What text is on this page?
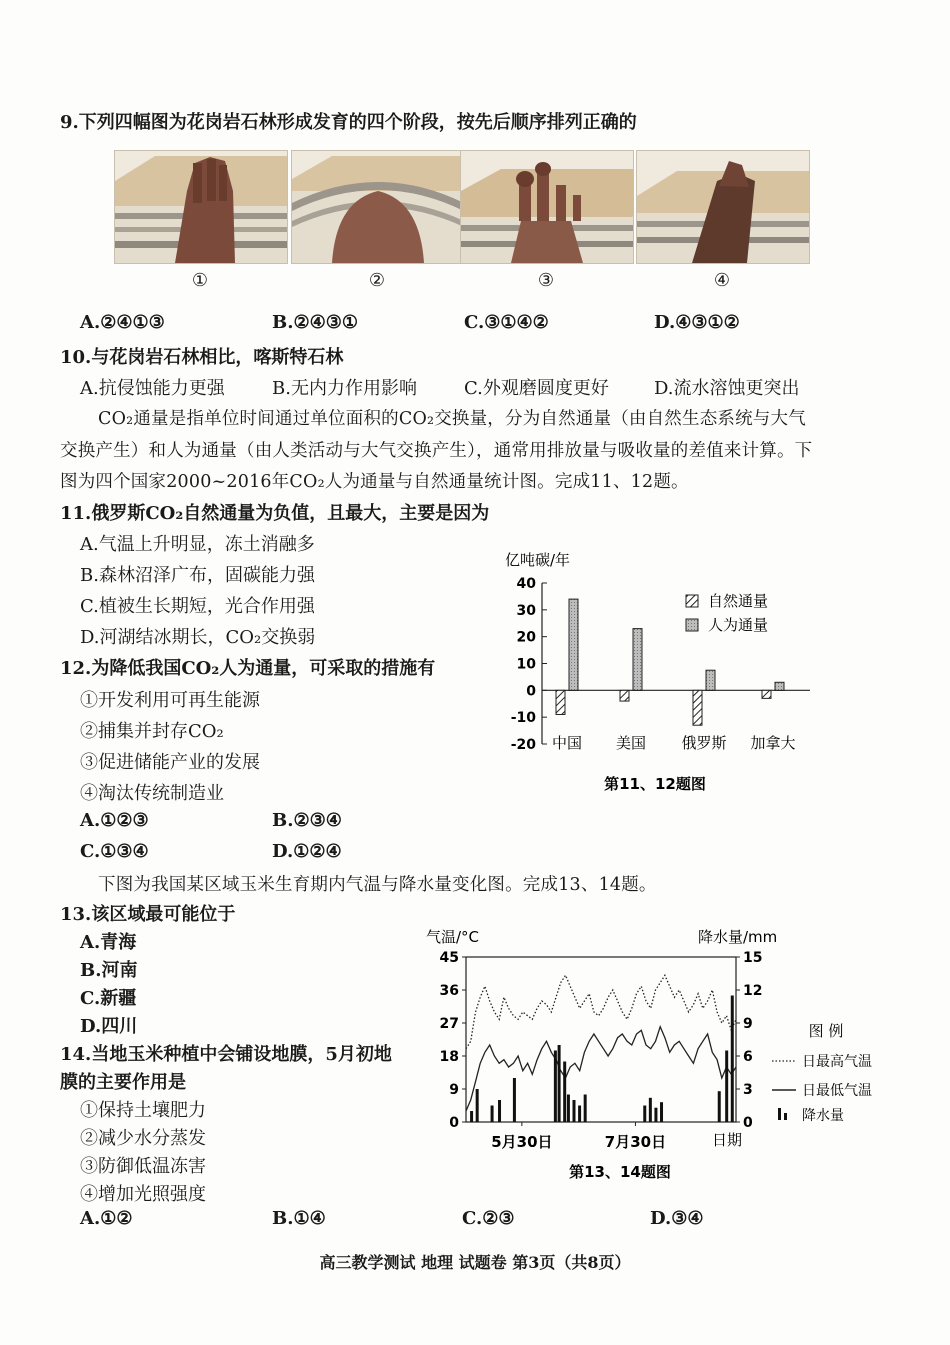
9.下列四幅图为花岗岩石林形成发育的四个阶段，按先后顺序排列正确的
①	②	③	④
A.②④①③	B.②④③①	C.③①④②	D.④③①②
10.与花岗岩石林相比，喀斯特石林
A.抗侵蚀能力更强	B.无内力作用影响	C.外观磨圆度更好	D.流水溶蚀更突出
CO₂通量是指单位时间通过单位面积的CO₂交换量，分为自然通量（由自然生态系统与大气
交换产生）和人为通量（由人类活动与大气交换产生），通常用排放量与吸收量的差值来计算。下
图为四个国家2000~2016年CO₂人为通量与自然通量统计图。完成11、12题。
11.俄罗斯CO₂自然通量为负值，且最大，主要是因为
A.气温上升明显，冻土消融多
B.森林沼泽广布，固碳能力强
C.植被生长期短，光合作用强
D.河湖结冰期长，CO₂交换弱
12.为降低我国CO₂人为通量，可采取的措施有
①开发利用可再生能源
②捕集并封存CO₂
③促进储能产业的发展
④淘汰传统制造业
A.①②③	B.②③④
C.①③④	D.①②④
亿吨碳/年
40
30
20
10
0
-10
-20 中国 美国 俄罗斯 加拿大
自然通量
人为通量
第11、12题图
下图为我国某区域玉米生育期内气温与降水量变化图。完成13、14题。
13.该区域最可能位于
A.青海
B.河南
C.新疆
D.四川
14.当地玉米种植中会铺设地膜，5月初地
膜的主要作用是
①保持土壤肥力
②减少水分蒸发
③防御低温冻害
④增加光照强度
A.①②	B.①④	C.②③	D.③④
气温/°C	降水量/mm
45
36
27
18
9
0
15
12
9
6
3
0
5月30日	7月30日	日期
图 例
日最高气温
日最低气温
降水量
第13、14题图
高三教学测试 地理 试题卷 第3页（共8页）
